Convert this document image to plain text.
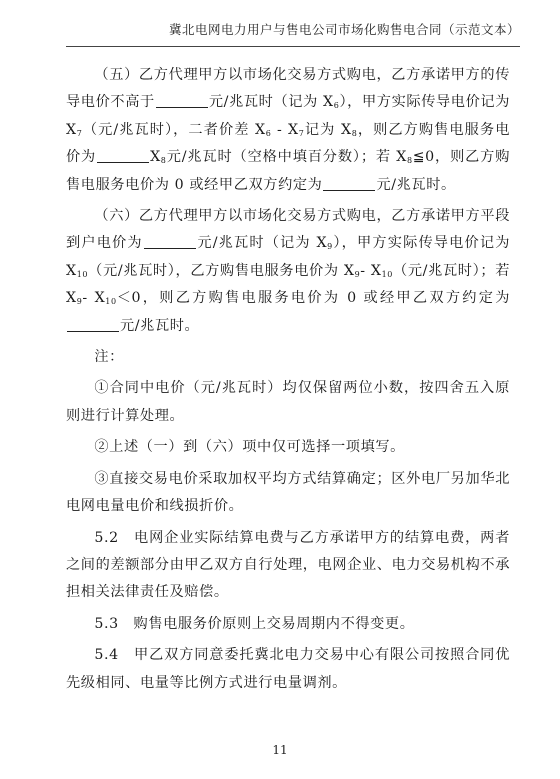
冀北电网电力用户与售电公司市场化购售电合同（示范文本）

（五）乙方代理甲方以市场化交易方式购电，乙方承诺甲方的传导电价不高于	元/兆瓦时（记为 $X_6$），甲方实际传导电价记为 $X_7$（元/兆瓦时），二者价差 $X_6 - X_7$记为 $X_8$，则乙方购售电服务电价为	$X_8$元/兆瓦时（空格中填百分数）；若 $X_8≦0$，则乙方购售电服务电价为 0 或经甲乙双方约定为	元/兆瓦时。

（六）乙方代理甲方以市场化交易方式购电，乙方承诺甲方平段到户电价为	元/兆瓦时（记为 $X_9$），甲方实际传导电价记为 $X_{10}$（元/兆瓦时），乙方购售电服务电价为 $X_9-$ $X_{10}$（元/兆瓦时）；若 $X_9-$ $X_{10}<0$，则乙方购售电服务电价为 0 或经甲乙双方约定为元/兆瓦时。

注：

①合同中电价（元/兆瓦时）均仅保留两位小数，按四舍五入原则进行计算处理。

②上述（一）到（六）项中仅可选择一项填写。

③直接交易电价采取加权平均方式结算确定；区外电厂另加华北电网电量电价和线损折价。

5.2　电网企业实际结算电费与乙方承诺甲方的结算电费，两者之间的差额部分由甲乙双方自行处理，电网企业、电力交易机构不承担相关法律责任及赔偿。

5.3　购售电服务价原则上交易周期内不得变更。

5.4　甲乙双方同意委托冀北电力交易中心有限公司按照合同优先级相同、电量等比例方式进行电量调剂。

11
